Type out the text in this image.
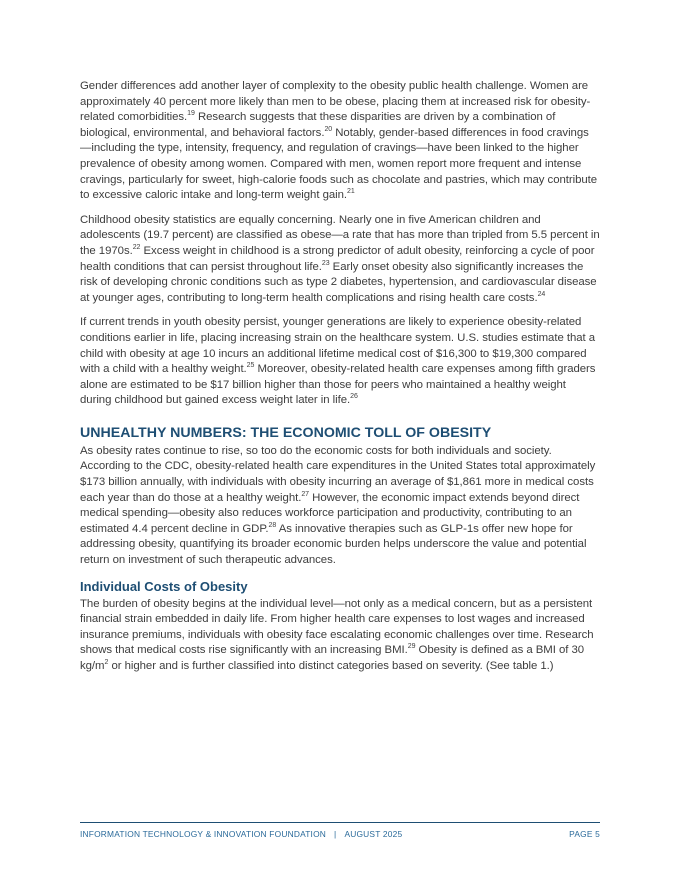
Gender differences add another layer of complexity to the obesity public health challenge. Women are approximately 40 percent more likely than men to be obese, placing them at increased risk for obesity-related comorbidities.$^{19}$ Research suggests that these disparities are driven by a combination of biological, environmental, and behavioral factors.$^{20}$ Notably, gender-based differences in food cravings—including the type, intensity, frequency, and regulation of cravings—have been linked to the higher prevalence of obesity among women. Compared with men, women report more frequent and intense cravings, particularly for sweet, high-calorie foods such as chocolate and pastries, which may contribute to excessive caloric intake and long-term weight gain.$^{21}$

Childhood obesity statistics are equally concerning. Nearly one in five American children and adolescents (19.7 percent) are classified as obese—a rate that has more than tripled from 5.5 percent in the 1970s.$^{22}$ Excess weight in childhood is a strong predictor of adult obesity, reinforcing a cycle of poor health conditions that can persist throughout life.$^{23}$ Early onset obesity also significantly increases the risk of developing chronic conditions such as type 2 diabetes, hypertension, and cardiovascular disease at younger ages, contributing to long-term health complications and rising health care costs.$^{24}$

If current trends in youth obesity persist, younger generations are likely to experience obesity-related conditions earlier in life, placing increasing strain on the healthcare system. U.S. studies estimate that a child with obesity at age 10 incurs an additional lifetime medical cost of $16,300 to $19,300 compared with a child with a healthy weight.$^{25}$ Moreover, obesity-related health care expenses among fifth graders alone are estimated to be $17 billion higher than those for peers who maintained a healthy weight during childhood but gained excess weight later in life.$^{26}$

UNHEALTHY NUMBERS: THE ECONOMIC TOLL OF OBESITY

As obesity rates continue to rise, so too do the economic costs for both individuals and society. According to the CDC, obesity-related health care expenditures in the United States total approximately $173 billion annually, with individuals with obesity incurring an average of $1,861 more in medical costs each year than do those at a healthy weight.$^{27}$ However, the economic impact extends beyond direct medical spending—obesity also reduces workforce participation and productivity, contributing to an estimated 4.4 percent decline in GDP.$^{28}$ As innovative therapies such as GLP-1s offer new hope for addressing obesity, quantifying its broader economic burden helps underscore the value and potential return on investment of such therapeutic advances.

Individual Costs of Obesity

The burden of obesity begins at the individual level—not only as a medical concern, but as a persistent financial strain embedded in daily life. From higher health care expenses to lost wages and increased insurance premiums, individuals with obesity face escalating economic challenges over time. Research shows that medical costs rise significantly with an increasing BMI.$^{29}$ Obesity is defined as a BMI of 30 $kg/m^2$ or higher and is further classified into distinct categories based on severity. (See table 1.)

INFORMATION TECHNOLOGY & INNOVATION FOUNDATION | AUGUST 2025	PAGE 5
